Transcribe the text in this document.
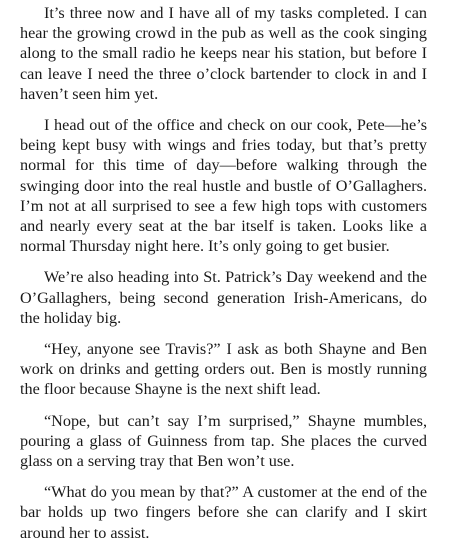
It’s three now and I have all of my tasks completed. I can hear the growing crowd in the pub as well as the cook singing along to the small radio he keeps near his station, but before I can leave I need the three o’clock bartender to clock in and I haven’t seen him yet.

I head out of the office and check on our cook, Pete—he’s being kept busy with wings and fries today, but that’s pretty normal for this time of day—before walking through the swinging door into the real hustle and bustle of O’Gallaghers. I’m not at all surprised to see a few high tops with customers and nearly every seat at the bar itself is taken. Looks like a normal Thursday night here. It’s only going to get busier.

We’re also heading into St. Patrick’s Day weekend and the O’Gallaghers, being second generation Irish-Americans, do the holiday big.

“Hey, anyone see Travis?” I ask as both Shayne and Ben work on drinks and getting orders out. Ben is mostly running the floor because Shayne is the next shift lead.

“Nope, but can’t say I’m surprised,” Shayne mumbles, pouring a glass of Guinness from tap. She places the curved glass on a serving tray that Ben won’t use.

“What do you mean by that?” A customer at the end of the bar holds up two fingers before she can clarify and I skirt around her to assist.
